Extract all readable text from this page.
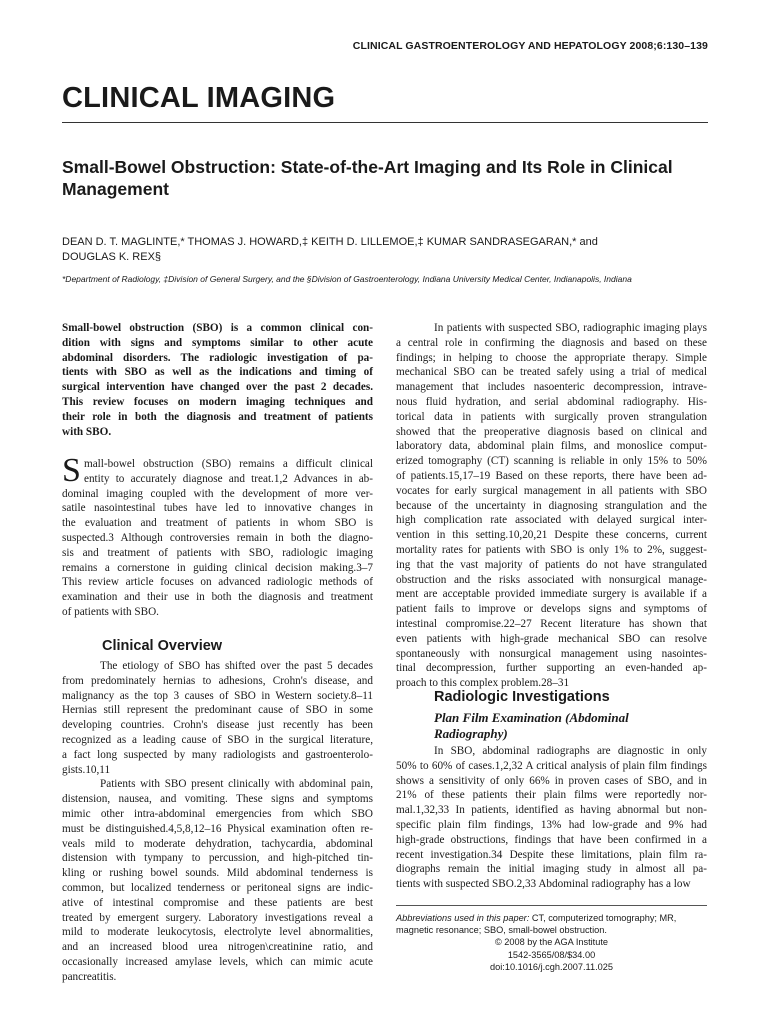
CLINICAL GASTROENTEROLOGY AND HEPATOLOGY 2008;6:130–139
CLINICAL IMAGING
Small-Bowel Obstruction: State-of-the-Art Imaging and Its Role in Clinical
Management
DEAN D. T. MAGLINTE,* THOMAS J. HOWARD,‡ KEITH D. LILLEMOE,‡ KUMAR SANDRASEGARAN,* and
DOUGLAS K. REX§
*Department of Radiology, ‡Division of General Surgery, and the §Division of Gastroenterology, Indiana University Medical Center, Indianapolis, Indiana
Small-bowel obstruction (SBO) is a common clinical con-
dition with signs and symptoms similar to other acute
abdominal disorders. The radiologic investigation of pa-
tients with SBO as well as the indications and timing of
surgical intervention have changed over the past 2 decades.
This review focuses on modern imaging techniques and
their role in both the diagnosis and treatment of patients
with SBO.
S mall-bowel obstruction (SBO) remains a difficult clinical
entity to accurately diagnose and treat.1,2 Advances in ab-
dominal imaging coupled with the development of more ver-
satile nasointestinal tubes have led to innovative changes in
the evaluation and treatment of patients in whom SBO is
suspected.3 Although controversies remain in both the diagno-
sis and treatment of patients with SBO, radiologic imaging
remains a cornerstone in guiding clinical decision making.3–7
This review article focuses on advanced radiologic methods of
examination and their use in both the diagnosis and treatment
of patients with SBO.
Clinical Overview
The etiology of SBO has shifted over the past 5 decades
from predominately hernias to adhesions, Crohn's disease, and
malignancy as the top 3 causes of SBO in Western society.8–11
Hernias still represent the predominant cause of SBO in some
developing countries. Crohn's disease just recently has been
recognized as a leading cause of SBO in the surgical literature,
a fact long suspected by many radiologists and gastroenterolo-
gists.10,11
Patients with SBO present clinically with abdominal pain,
distension, nausea, and vomiting. These signs and symptoms
mimic other intra-abdominal emergencies from which SBO
must be distinguished.4,5,8,12–16 Physical examination often re-
veals mild to moderate dehydration, tachycardia, abdominal
distension with tympany to percussion, and high-pitched tin-
kling or rushing bowel sounds. Mild abdominal tenderness is
common, but localized tenderness or peritoneal signs are indic-
ative of intestinal compromise and these patients are best
treated by emergent surgery. Laboratory investigations reveal a
mild to moderate leukocytosis, electrolyte level abnormalities,
and an increased blood urea nitrogen\creatinine ratio, and
occasionally increased amylase levels, which can mimic acute
pancreatitis.
In patients with suspected SBO, radiographic imaging plays
a central role in confirming the diagnosis and based on these
findings; in helping to choose the appropriate therapy. Simple
mechanical SBO can be treated safely using a trial of medical
management that includes nasoenteric decompression, intrave-
nous fluid hydration, and serial abdominal radiography. His-
torical data in patients with surgically proven strangulation
showed that the preoperative diagnosis based on clinical and
laboratory data, abdominal plain films, and monoslice comput-
erized tomography (CT) scanning is reliable in only 15% to 50%
of patients.15,17–19 Based on these reports, there have been ad-
vocates for early surgical management in all patients with SBO
because of the uncertainty in diagnosing strangulation and the
high complication rate associated with delayed surgical inter-
vention in this setting.10,20,21 Despite these concerns, current
mortality rates for patients with SBO is only 1% to 2%, suggest-
ing that the vast majority of patients do not have strangulated
obstruction and the risks associated with nonsurgical manage-
ment are acceptable provided immediate surgery is available if a
patient fails to improve or develops signs and symptoms of
intestinal compromise.22–27 Recent literature has shown that
even patients with high-grade mechanical SBO can resolve
spontaneously with nonsurgical management using nasointes-
tinal decompression, further supporting an even-handed ap-
proach to this complex problem.28–31
Radiologic Investigations
Plan Film Examination (Abdominal
Radiography)
In SBO, abdominal radiographs are diagnostic in only
50% to 60% of cases.1,2,32 A critical analysis of plain film findings
shows a sensitivity of only 66% in proven cases of SBO, and in
21% of these patients their plain films were reportedly nor-
mal.1,32,33 In patients, identified as having abnormal but non-
specific plain film findings, 13% had low-grade and 9% had
high-grade obstructions, findings that have been confirmed in a
recent investigation.34 Despite these limitations, plain film ra-
diographs remain the initial imaging study in almost all pa-
tients with suspected SBO.2,33 Abdominal radiography has a low
Abbreviations used in this paper: CT, computerized tomography; MR, magnetic resonance; SBO, small-bowel obstruction.
© 2008 by the AGA Institute
1542-3565/08/$34.00
doi:10.1016/j.cgh.2007.11.025
